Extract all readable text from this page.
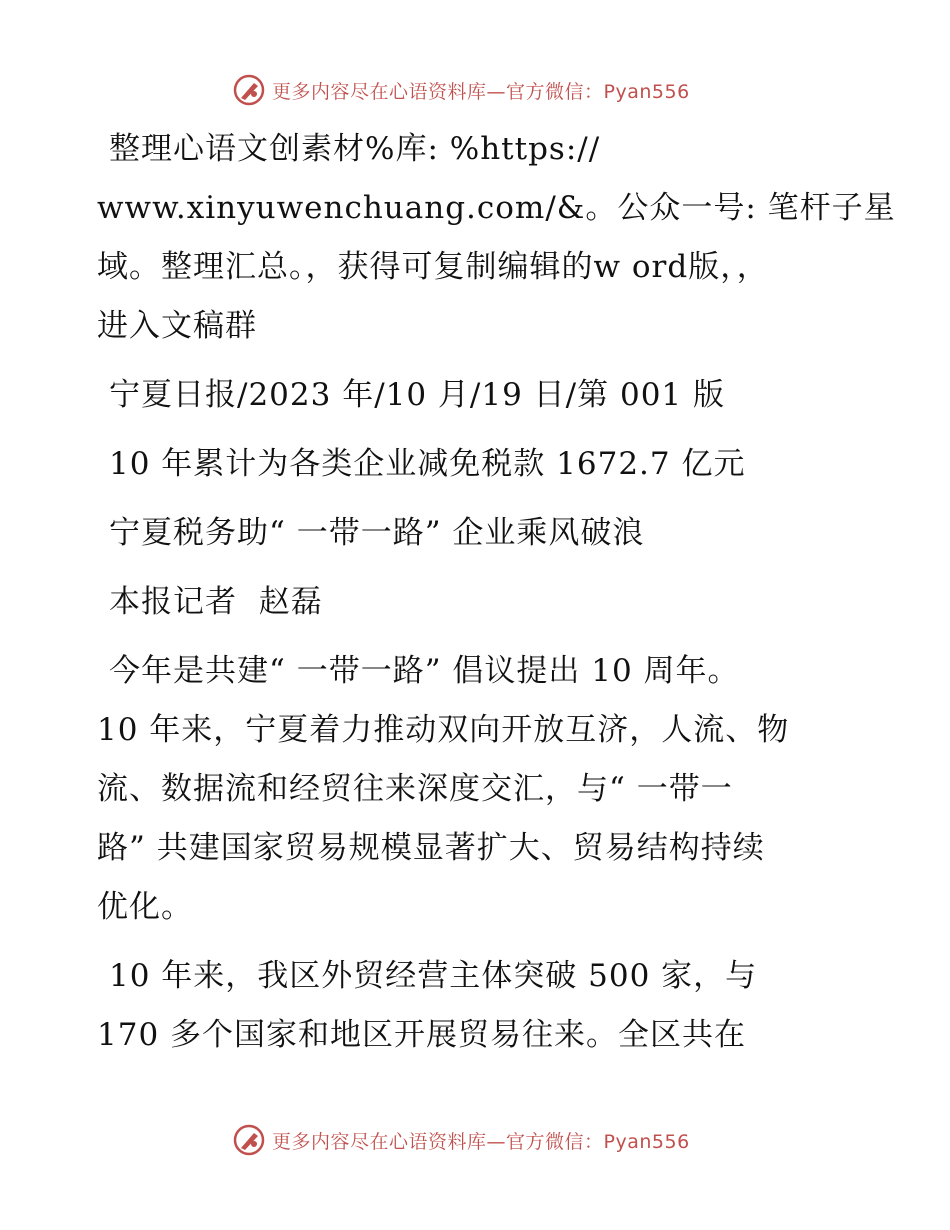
更多内容尽在心语资料库—官方微信：Pyan556

整理心语文创素材%库: %https://
www.xinyuwenchuang.com/&。公众一号: 笔杆子星
域。整理汇总。，获得可复制编辑的w ord版，，
进入文稿群

宁夏日报/2023 年/10 月/19 日/第 001 版

10 年累计为各类企业减免税款 1672.7 亿元

宁夏税务助“ 一带一路” 企业乘风破浪

本报记者  赵磊

今年是共建“ 一带一路” 倡议提出 10 周年。
10 年来，宁夏着力推动双向开放互济，人流、物
流、数据流和经贸往来深度交汇，与“ 一带一
路” 共建国家贸易规模显著扩大、贸易结构持续
优化。

10 年来，我区外贸经营主体突破 500 家，与
170 多个国家和地区开展贸易往来。全区共在

更多内容尽在心语资料库—官方微信：Pyan556
